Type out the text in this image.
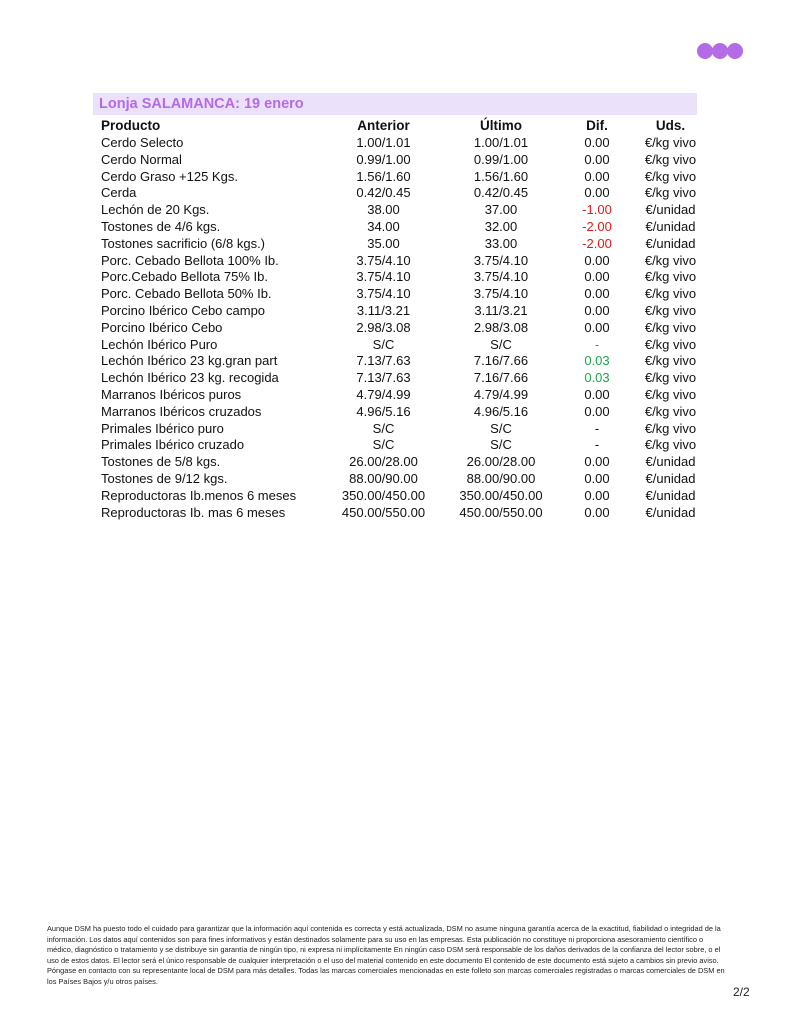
Lonja SALAMANCA: 19 enero
Producto	Anterior	Último	Dif.	Uds.
Cerdo Selecto	1.00/1.01	1.00/1.01	0.00	€/kg vivo
Cerdo Normal	0.99/1.00	0.99/1.00	0.00	€/kg vivo
Cerdo Graso +125 Kgs.	1.56/1.60	1.56/1.60	0.00	€/kg vivo
Cerda	0.42/0.45	0.42/0.45	0.00	€/kg vivo
Lechón de 20 Kgs.	38.00	37.00	-1.00	€/unidad
Tostones de 4/6 kgs.	34.00	32.00	-2.00	€/unidad
Tostones sacrificio (6/8 kgs.)	35.00	33.00	-2.00	€/unidad
Porc. Cebado Bellota 100% Ib.	3.75/4.10	3.75/4.10	0.00	€/kg vivo
Porc.Cebado Bellota 75% Ib.	3.75/4.10	3.75/4.10	0.00	€/kg vivo
Porc. Cebado Bellota 50% Ib.	3.75/4.10	3.75/4.10	0.00	€/kg vivo
Porcino Ibérico Cebo campo	3.11/3.21	3.11/3.21	0.00	€/kg vivo
Porcino Ibérico Cebo	2.98/3.08	2.98/3.08	0.00	€/kg vivo
Lechón Ibérico Puro	S/C	S/C	-	€/kg vivo
Lechón Ibérico 23 kg.gran part	7.13/7.63	7.16/7.66	0.03	€/kg vivo
Lechón Ibérico 23 kg. recogida	7.13/7.63	7.16/7.66	0.03	€/kg vivo
Marranos Ibéricos puros	4.79/4.99	4.79/4.99	0.00	€/kg vivo
Marranos Ibéricos cruzados	4.96/5.16	4.96/5.16	0.00	€/kg vivo
Primales Ibérico puro	S/C	S/C	-	€/kg vivo
Primales Ibérico cruzado	S/C	S/C	-	€/kg vivo
Tostones de 5/8 kgs.	26.00/28.00	26.00/28.00	0.00	€/unidad
Tostones de 9/12 kgs.	88.00/90.00	88.00/90.00	0.00	€/unidad
Reproductoras Ib.menos 6 meses	350.00/450.00	350.00/450.00	0.00	€/unidad
Reproductoras Ib. mas 6 meses	450.00/550.00	450.00/550.00	0.00	€/unidad
Aunque DSM ha puesto todo el cuidado para garantizar que la información aquí contenida es correcta y está actualizada, DSM no asume ninguna garantía acerca de la exactitud, fiabilidad o integridad de la información. Los datos aquí contenidos son para fines informativos y están destinados solamente para su uso en las empresas. Esta publicación no constituye ni proporciona asesoramiento científico o médico, diagnóstico o tratamiento y se distribuye sin garantía de ningún tipo, ni expresa ni implícitamente En ningún caso DSM será responsable de los daños derivados de la confianza del lector sobre, o el uso de estos datos. El lector será el único responsable de cualquier interpretación o el uso del material contenido en este documento El contenido de este documento está sujeto a cambios sin previo aviso. Póngase en contacto con su representante local de DSM para más detalles. Todas las marcas comerciales mencionadas en este folleto son marcas comerciales registradas o marcas comerciales de DSM en los Países Bajos y/u otros países.
2/2
